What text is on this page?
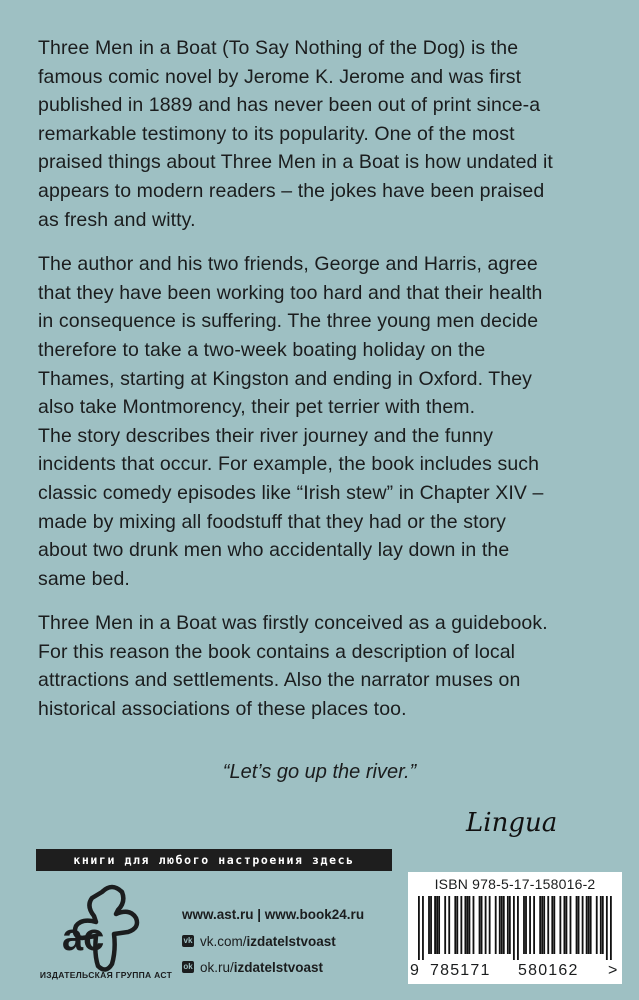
Three Men in a Boat (To Say Nothing of the Dog) is the
famous comic novel by Jerome K. Jerome and was first
published in 1889 and has never been out of print since-a
remarkable testimony to its popularity. One of the most
praised things about Three Men in a Boat is how undated it
appears to modern readers – the jokes have been praised
as fresh and witty.

The author and his two friends, George and Harris, agree
that they have been working too hard and that their health
in consequence is suffering. The three young men decide
therefore to take a two-week boating holiday on the
Thames, starting at Kingston and ending in Oxford. They
also take Montmorency, their pet terrier with them.
The story describes their river journey and the funny
incidents that occur. For example, the book includes such
classic comedy episodes like “Irish stew” in Chapter XIV –
made by mixing all foodstuff that they had or the story
about two drunk men who accidentally lay down in the
same bed.

Three Men in a Boat was firstly conceived as a guidebook.
For this reason the book contains a description of local
attractions and settlements. Also the narrator muses on
historical associations of these places too.

“Let’s go up the river.”
Lingua
книги для любого настроения здесь
ac
ИЗДАТЕЛЬСКАЯ ГРУППА АСТ
www.ast.ru | www.book24.ru
vk vk.com/ izdatelstvoast
ok ok.ru/ izdatelstvoast
ISBN 978-5-17-158016-2
9 785171 580162 >
